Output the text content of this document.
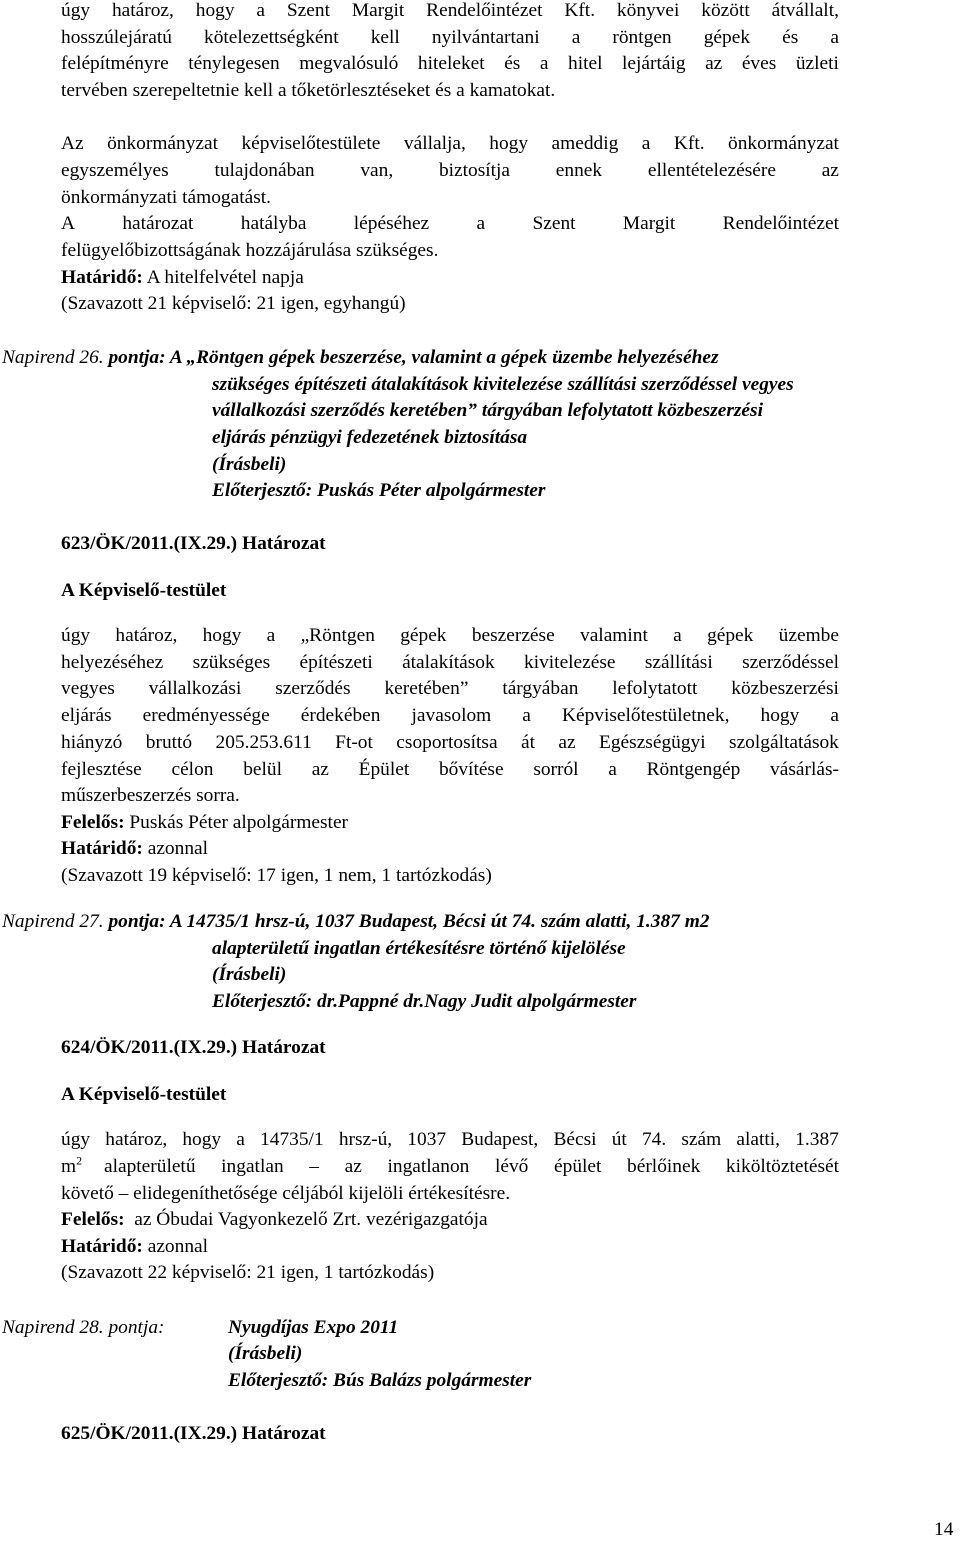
úgy határoz, hogy a Szent Margit Rendelőintézet Kft. könyvei között átvállalt,
hosszúlejáratú kötelezettségként kell nyilvántartani a röntgen gépek és a
felépítményre ténylegesen megvalósuló hiteleket és a hitel lejártáig az éves üzleti
tervében szerepeltetnie kell a tőketörlesztéseket és a kamatokat.
Az önkormányzat képviselőtestülete vállalja, hogy ameddig a Kft. önkormányzat
egyszemélyes tulajdonában van, biztosítja ennek ellentételezésére az
önkormányzati támogatást.
A határozat hatályba lépéséhez a Szent Margit Rendelőintézet
felügyelőbizottságának hozzájárulása szükséges.
Határidő: A hitelfelvétel napja
(Szavazott 21 képviselő: 21 igen, egyhangú)
Napirend 26. pontja: A „Röntgen gépek beszerzése, valamint a gépek üzembe helyezéséhez
szükséges építészeti átalakítások kivitelezése szállítási szerződéssel vegyes
vállalkozási szerződés keretében” tárgyában lefolytatott közbeszerzési
eljárás pénzügyi fedezetének biztosítása
(Írásbeli)
Előterjesztő: Puskás Péter alpolgármester
623/ÖK/2011.(IX.29.) Határozat
A Képviselő-testület
úgy határoz, hogy a „Röntgen gépek beszerzése valamint a gépek üzembe
helyezéséhez szükséges építészeti átalakítások kivitelezése szállítási szerződéssel
vegyes vállalkozási szerződés keretében” tárgyában lefolytatott közbeszerzési
eljárás eredményessége érdekében javasolom a Képviselőtestületnek, hogy a
hiányzó bruttó 205.253.611 Ft-ot csoportosítsa át az Egészségügyi szolgáltatások
fejlesztése célon belül az Épület bővítése sorról a Röntgengép vásárlás-
műszerbeszerzés sorra.
Felelős: Puskás Péter alpolgármester
Határidő: azonnal
(Szavazott 19 képviselő: 17 igen, 1 nem, 1 tartózkodás)
Napirend 27. pontja: A 14735/1 hrsz-ú, 1037 Budapest, Bécsi út 74. szám alatti, 1.387 m2
alapterületű ingatlan értékesítésre történő kijelölése
(Írásbeli)
Előterjesztő: dr.Pappné dr.Nagy Judit alpolgármester
624/ÖK/2011.(IX.29.) Határozat
A Képviselő-testület
úgy határoz, hogy a 14735/1 hrsz-ú, 1037 Budapest, Bécsi út 74. szám alatti, 1.387
$m^2$ alapterületű ingatlan – az ingatlanon lévő épület bérlőinek kiköltöztetését
követő – elidegeníthetősége céljából kijelöli értékesítésre.
Felelős:  az Óbudai Vagyonkezelő Zrt. vezérigazgatója
Határidő: azonnal
(Szavazott 22 képviselő: 21 igen, 1 tartózkodás)
Napirend 28. pontja:	Nyugdíjas Expo 2011
(Írásbeli)
Előterjesztő: Bús Balázs polgármester
625/ÖK/2011.(IX.29.) Határozat
14
